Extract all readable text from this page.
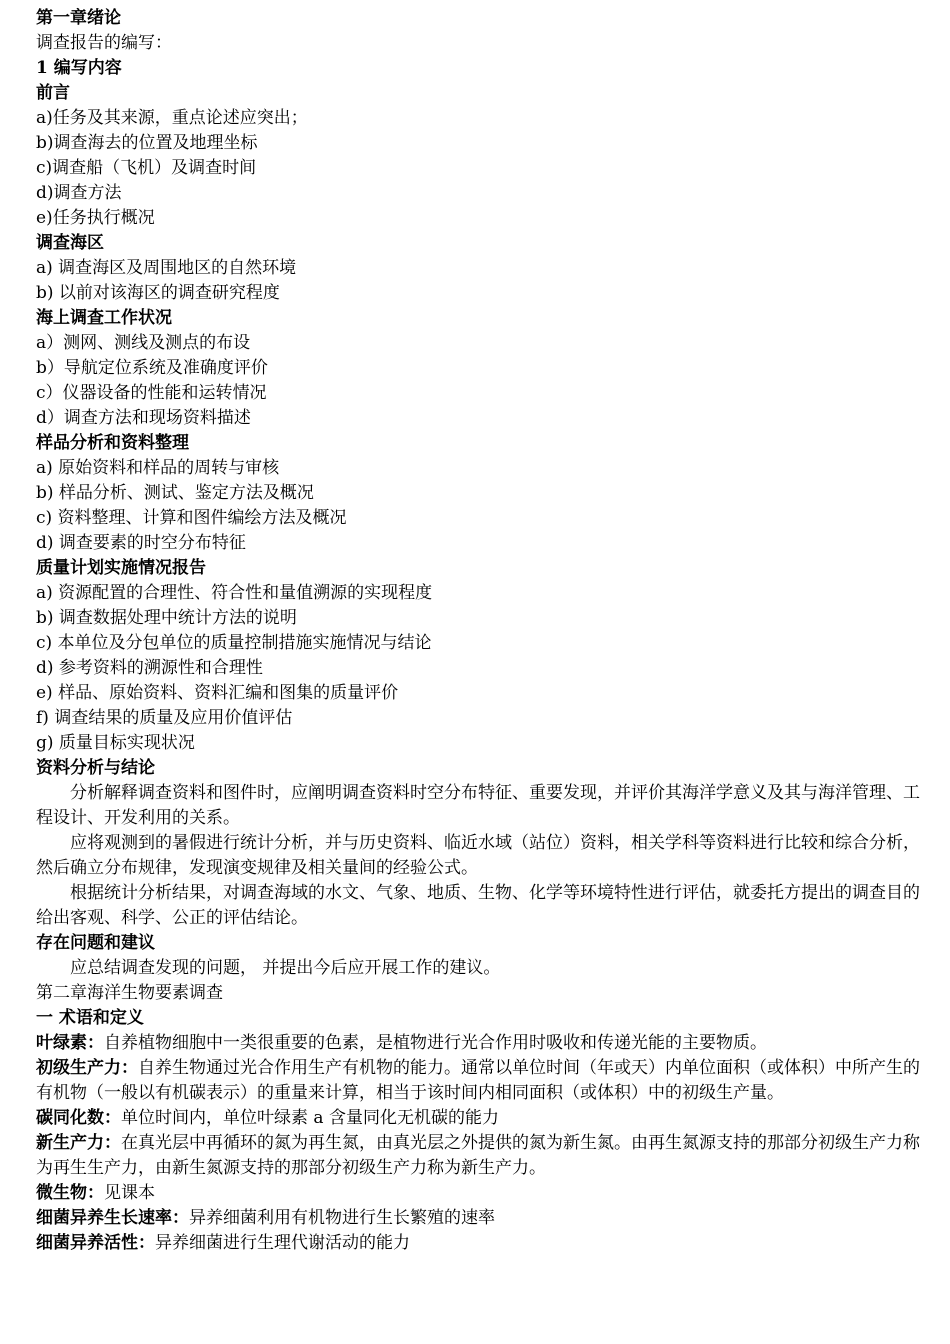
第一章绪论
调查报告的编写：
1 编写内容
前言
a)任务及其来源，重点论述应突出；
b)调查海去的位置及地理坐标
c)调查船（飞机）及调查时间
d)调查方法
e)任务执行概况
调查海区
a) 调查海区及周围地区的自然环境
b) 以前对该海区的调查研究程度
海上调查工作状况
a）测网、测线及测点的布设
b）导航定位系统及准确度评价
c）仪器设备的性能和运转情况
d）调查方法和现场资料描述
样品分析和资料整理
a) 原始资料和样品的周转与审核
b) 样品分析、测试、鉴定方法及概况
c) 资料整理、计算和图件编绘方法及概况
d) 调查要素的时空分布特征
质量计划实施情况报告
a) 资源配置的合理性、符合性和量值溯源的实现程度
b) 调查数据处理中统计方法的说明
c) 本单位及分包单位的质量控制措施实施情况与结论
d) 参考资料的溯源性和合理性
e) 样品、原始资料、资料汇编和图集的质量评价
f) 调查结果的质量及应用价值评估
g) 质量目标实现状况
资料分析与结论
分析解释调查资料和图件时，应阐明调查资料时空分布特征、重要发现，并评价其海洋学意义及其与海洋管理、工程设计、开发利用的关系。
应将观测到的暑假进行统计分析，并与历史资料、临近水域（站位）资料，相关学科等资料进行比较和综合分析，然后确立分布规律，发现演变规律及相关量间的经验公式。
根据统计分析结果，对调查海域的水文、气象、地质、生物、化学等环境特性进行评估，就委托方提出的调查目的给出客观、科学、公正的评估结论。
存在问题和建议
应总结调查发现的问题， 并提出今后应开展工作的建议。
第二章海洋生物要素调查
一 术语和定义
叶绿素：自养植物细胞中一类很重要的色素，是植物进行光合作用时吸收和传递光能的主要物质。
初级生产力：自养生物通过光合作用生产有机物的能力。通常以单位时间（年或天）内单位面积（或体积）中所产生的有机物（一般以有机碳表示）的重量来计算，相当于该时间内相同面积（或体积）中的初级生产量。
碳同化数：单位时间内，单位叶绿素 a 含量同化无机碳的能力
新生产力：在真光层中再循环的氮为再生氮，由真光层之外提供的氮为新生氮。由再生氮源支持的那部分初级生产力称为再生生产力，由新生氮源支持的那部分初级生产力称为新生产力。
微生物：见课本
细菌异养生长速率：异养细菌利用有机物进行生长繁殖的速率
细菌异养活性：异养细菌进行生理代谢活动的能力
